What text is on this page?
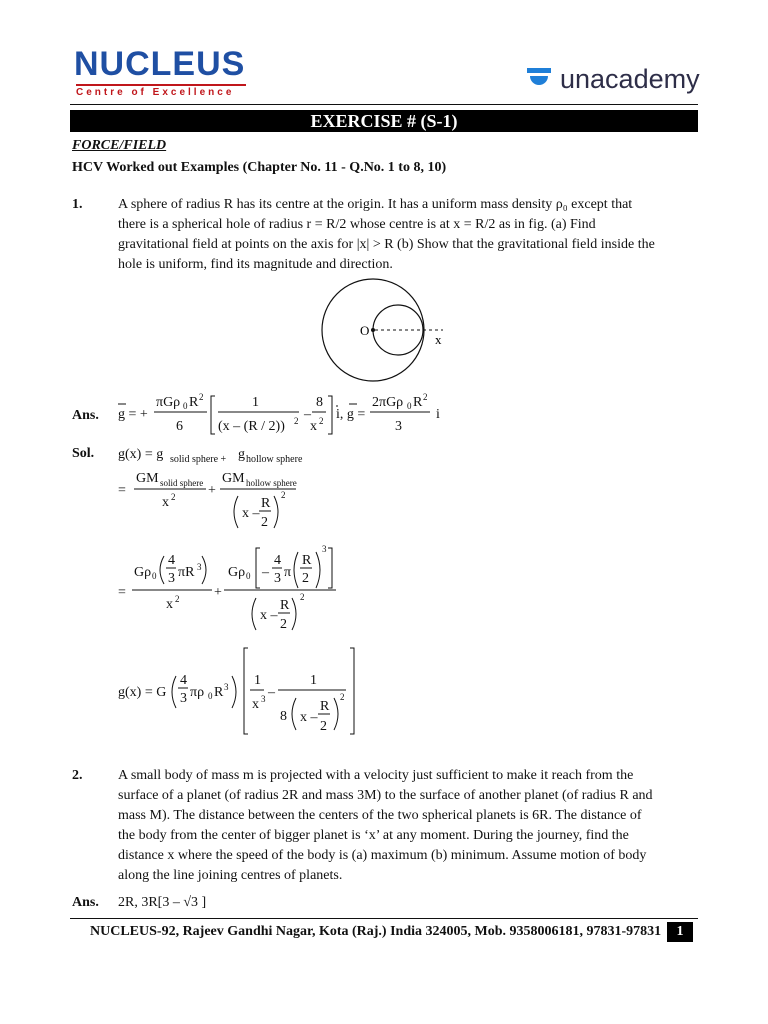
NUCLEUS
Centre of Excellence	unacademy
EXERCISE # (S-1)
FORCE/FIELD
HCV Worked out Examples (Chapter No. 11 - Q.No. 1 to 8, 10)
1.	A sphere of radius R has its centre at the origin. It has a uniform mass density ρ₀ except that
there is a spherical hole of radius r = R/2 whose centre is at x = R/2 as in fig. (a) Find
gravitational field at points on the axis for |x| > R (b) Show that the gravitational field inside the
hole is uniform, find its magnitude and direction.
O
x
Ans. g = +
πGρ 0 R 2
6
1
(x – (R / 2)) 2 –
8
x 2 i, g =
2πGρ 0 R 2
3
i
Sol. g(x) = g solid sphere + g hollow sphere
=
GM solid sphere
x 2 +
GM hollow sphere
x –
R
2
2
=
Gρ 0
4
3 πR 3
x 2 +
Gρ 0 –
4
3 π
R
2
3
x –
R
2
2
g(x) = G
4
3 πρ 0 R 3 1
x 3 –
1
8 x –
R
2
2
2.	A small body of mass m is projected with a velocity just sufficient to make it reach from the
surface of a planet (of radius 2R and mass 3M) to the surface of another planet (of radius R and
mass M). The distance between the centers of the two spherical planets is 6R. The distance of
the body from the center of bigger planet is ‘x’ at any moment. During the journey, find the
distance x where the speed of the body is (a) maximum (b) minimum. Assume motion of body
along the line joining centres of planets.
Ans. 2R, 3R[3 – √3 ]
NUCLEUS-92, Rajeev Gandhi Nagar, Kota (Raj.) India 324005, Mob. 9358006181, 97831-97831	1
